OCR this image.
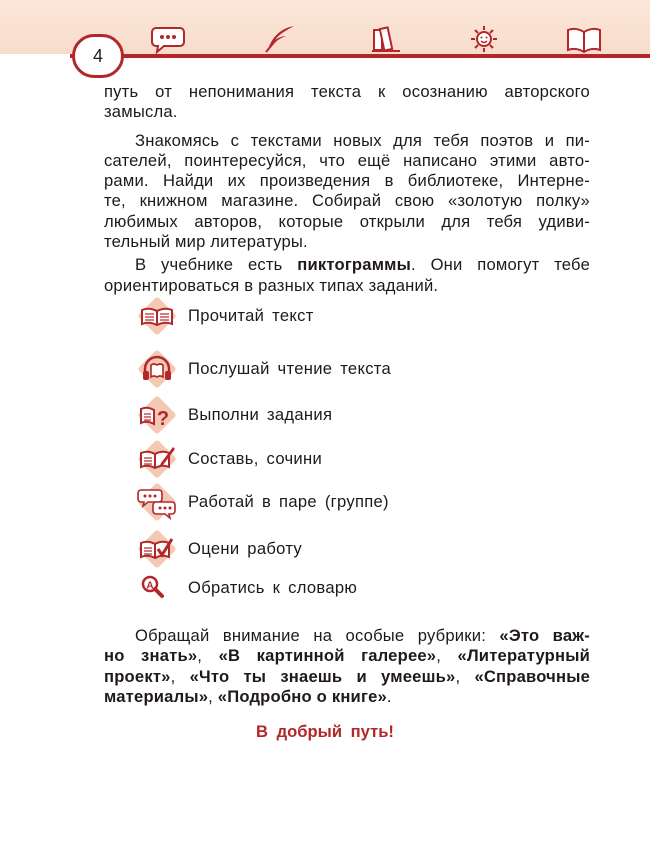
4

путь от непонимания текста к осознанию авторского

замысла.

Знакомясь с текстами новых для тебя поэтов и пи-

сателей, поинтересуйся, что ещё написано этими авто-

рами. Найди их произведения в библиотеке, Интерне-

те, книжном магазине. Собирай свою «золотую полку»

любимых авторов, которые открыли для тебя удиви-

тельный мир литературы.

В учебнике есть пиктограммы. Они помогут тебе

ориентироваться в разных типах заданий.

Прочитай текст
Послушай чтение текста
? Выполни задания
Составь, сочини
Работай в паре (группе)
Оцени работу
А Обратись к словарю

Обращай внимание на особые рубрики: «Это важ-

но знать», «В картинной галерее», «Литературный

проект», «Что ты знаешь и умеешь», «Справочные

материалы», «Подробно о книге».

В добрый путь!
